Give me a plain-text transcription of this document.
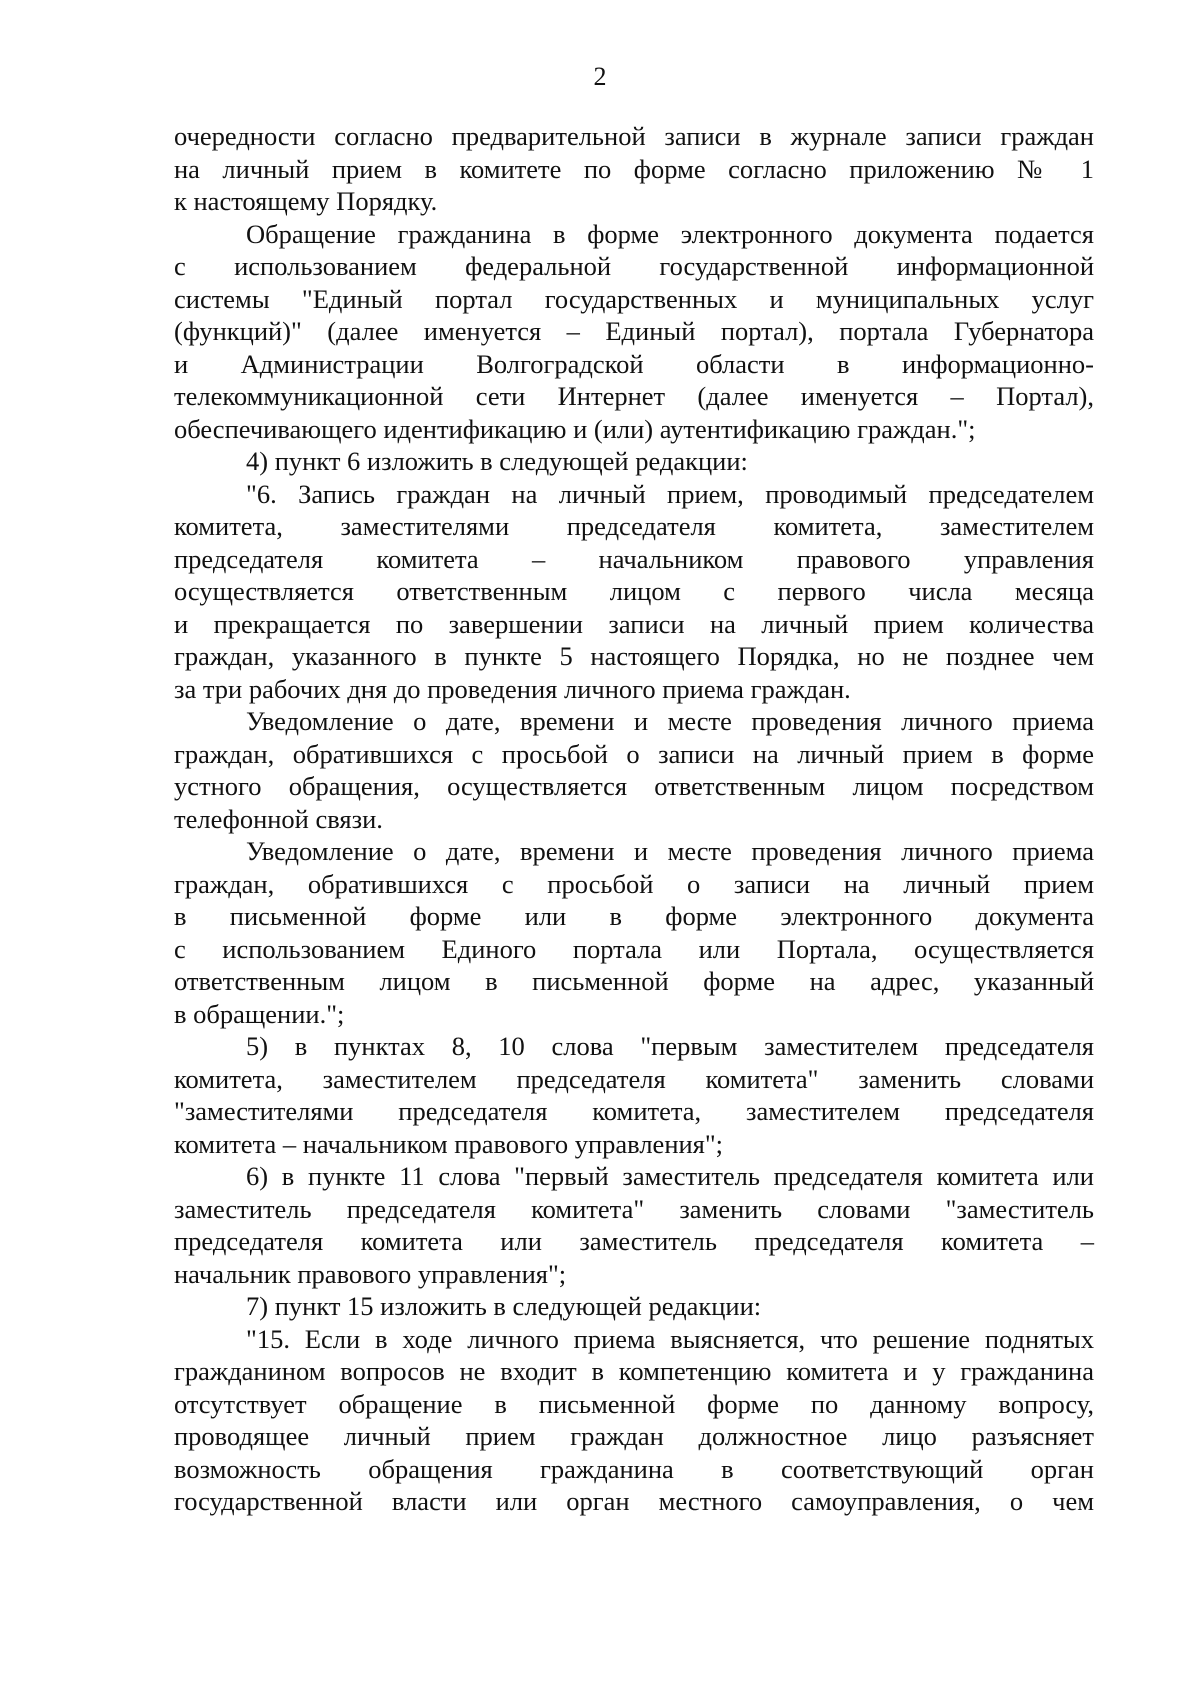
2
очередности согласно предварительной записи в журнале записи граждан
на личный прием в комитете по форме согласно приложению № 1
к настоящему Порядку.
Обращение гражданина в форме электронного документа подается
с использованием федеральной государственной информационной
системы "Единый портал государственных и муниципальных услуг
(функций)" (далее именуется – Единый портал), портала Губернатора
и Администрации Волгоградской области в информационно-
телекоммуникационной сети Интернет (далее именуется – Портал),
обеспечивающего идентификацию и (или) аутентификацию граждан.";
4) пункт 6 изложить в следующей редакции:
"6. Запись граждан на личный прием, проводимый председателем
комитета, заместителями председателя комитета, заместителем
председателя комитета – начальником правового управления
осуществляется ответственным лицом с первого числа месяца
и прекращается по завершении записи на личный прием количества
граждан, указанного в пункте 5 настоящего Порядка, но не позднее чем
за три рабочих дня до проведения личного приема граждан.
Уведомление о дате, времени и месте проведения личного приема
граждан, обратившихся с просьбой о записи на личный прием в форме
устного обращения, осуществляется ответственным лицом посредством
телефонной связи.
Уведомление о дате, времени и месте проведения личного приема
граждан, обратившихся с просьбой о записи на личный прием
в письменной форме или в форме электронного документа
с использованием Единого портала или Портала, осуществляется
ответственным лицом в письменной форме на адрес, указанный
в обращении.";
5) в пунктах 8, 10 слова "первым заместителем председателя
комитета, заместителем председателя комитета" заменить словами
"заместителями председателя комитета, заместителем председателя
комитета – начальником правового управления";
6) в пункте 11 слова "первый заместитель председателя комитета или
заместитель председателя комитета" заменить словами "заместитель
председателя комитета или заместитель председателя комитета –
начальник правового управления";
7) пункт 15 изложить в следующей редакции:
"15. Если в ходе личного приема выясняется, что решение поднятых
гражданином вопросов не входит в компетенцию комитета и у гражданина
отсутствует обращение в письменной форме по данному вопросу,
проводящее личный прием граждан должностное лицо разъясняет
возможность обращения гражданина в соответствующий орган
государственной власти или орган местного самоуправления, о чем
